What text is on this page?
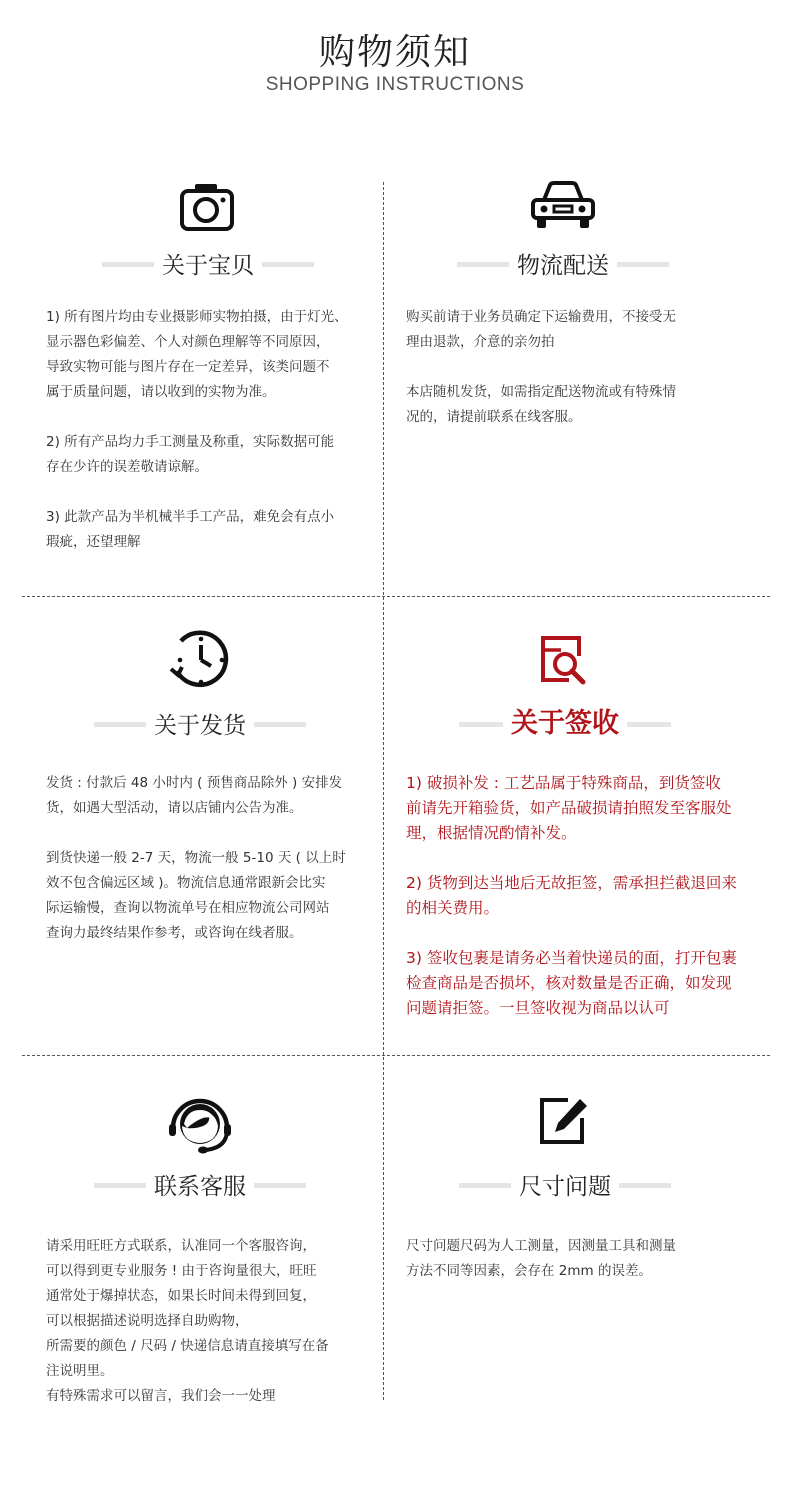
购物须知
SHOPPING INSTRUCTIONS
关于宝贝

1) 所有图片均由专业摄影师实物拍摄，由于灯光、

显示器色彩偏差、个人对颜色理解等不同原因，

导致实物可能与图片存在一定差异，该类问题不

属于质量问题，请以收到的实物为准。

2) 所有产品均力手工测量及称重，实际数据可能

存在少许的误差敬请谅解。

3) 此款产品为半机械半手工产品，难免会有点小

瑕疵，还望理解

物流配送

购买前请于业务员确定下运输费用，不接受无

理由退款，介意的亲勿拍

本店随机发货，如需指定配送物流或有特殊情

况的，请提前联系在线客服。

关于发货

发货 : 付款后 48 小时内 ( 预售商品除外 ) 安排发

货，如遇大型活动，请以店铺内公告为准。

到货快递一般 2-7 天，物流一般 5-10 天 ( 以上时

效不包含偏远区域 )。物流信息通常跟新会比实

际运输慢，查询以物流单号在相应物流公司网站

查询力最终结果作参考，或咨询在线者服。

关于签收

1) 破损补发 : 工艺品属于特殊商品，到货签收

前请先开箱验货，如产品破损请拍照发至客服处

理，根据情况酌情补发。

2) 货物到达当地后无故拒签，需承担拦截退回来

的相关费用。

3) 签收包裹是请务必当着快递员的面，打开包裹

检查商品是否损坏，核对数量是否正确，如发现

问题请拒签。一旦签收视为商品以认可

联系客服

请采用旺旺方式联系，认准同一个客服咨询，

可以得到更专业服务 ! 由于咨询量很大，旺旺

通常处于爆掉状态，如果长时间未得到回复，

可以根据描述说明选择自助购物，

所需要的颜色 / 尺码 / 快递信息请直接填写在备

注说明里。

有特殊需求可以留言，我们会一一处理

尺寸问题

尺寸问题尺码为人工测量，因测量工具和测量

方法不同等因素，会存在 2mm 的误差。
